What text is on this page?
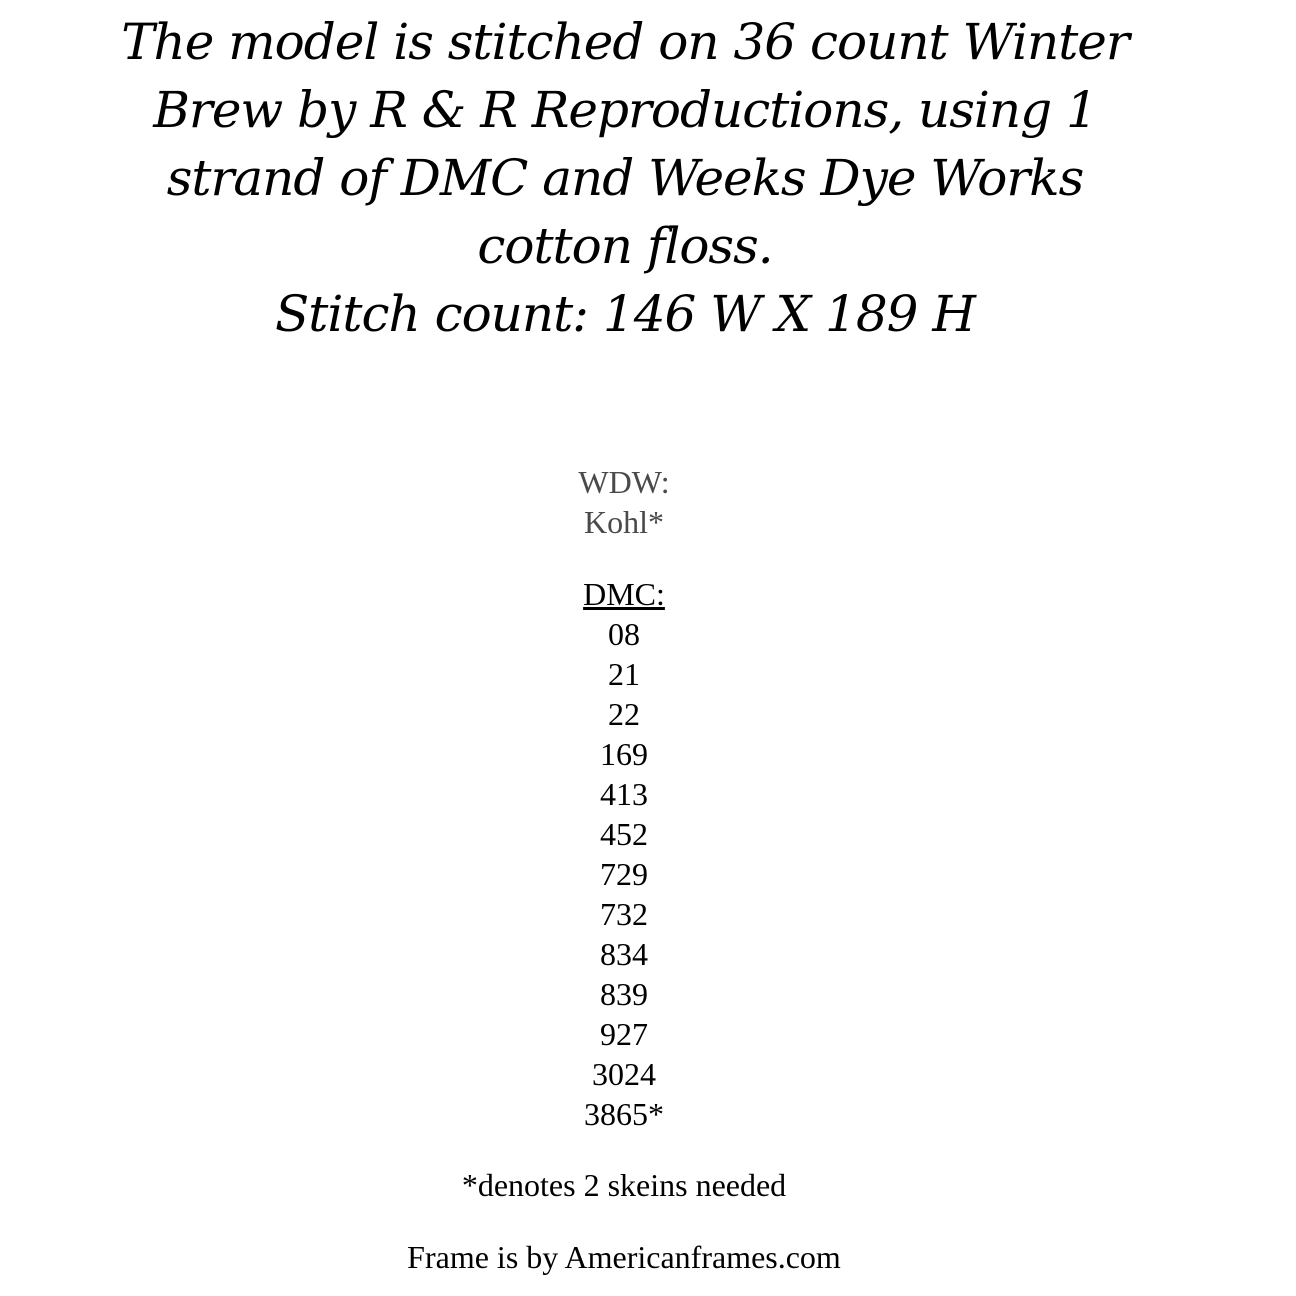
The model is stitched on 36 count Winter
Brew by R & R Reproductions, using 1
strand of DMC and Weeks Dye Works
cotton floss.
Stitch count: 146 W X 189 H
WDW:
Kohl*
DMC:
08
21
22
169
413
452
729
732
834
839
927
3024
3865*
*denotes 2 skeins needed
Frame is by Americanframes.com
